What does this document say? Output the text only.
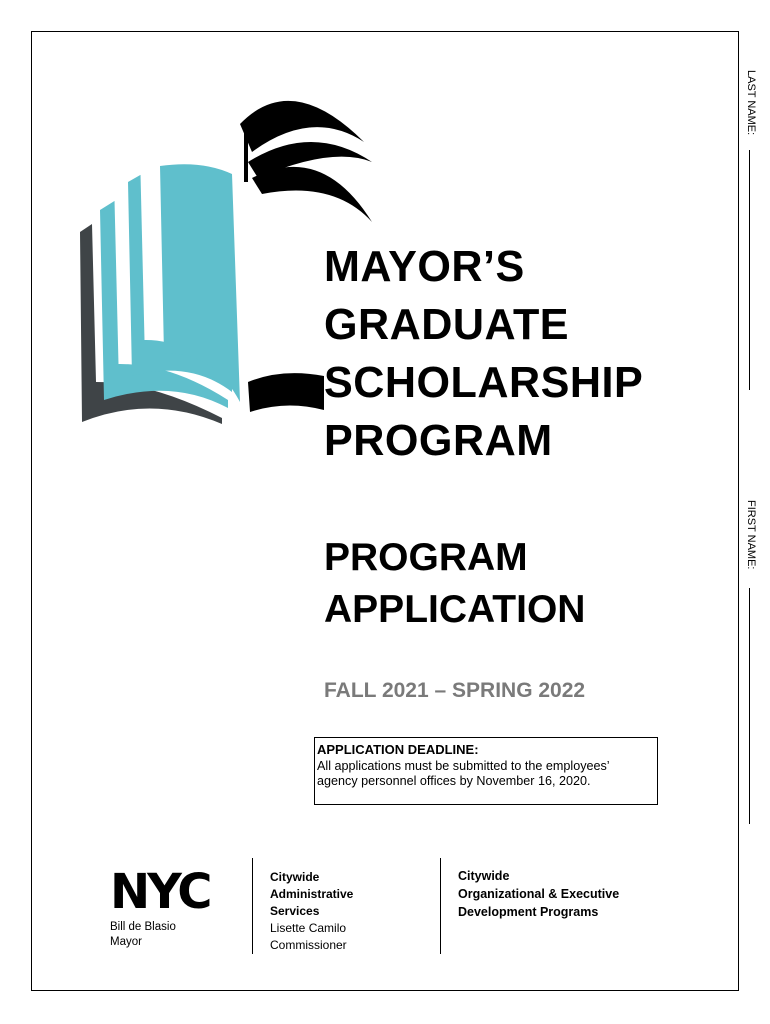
MAYOR’S
GRADUATE
SCHOLARSHIP
PROGRAM
PROGRAM
APPLICATION
FALL 2021 – SPRING 2022
APPLICATION DEADLINE:
All applications must be submitted to the employees’
agency personnel offices by November 16, 2020.
NYC
Bill de Blasio
Mayor
Citywide
Administrative
Services
Lisette Camilo
Commissioner
Citywide
Organizational & Executive
Development Programs
LAST NAME:
FIRST NAME:
